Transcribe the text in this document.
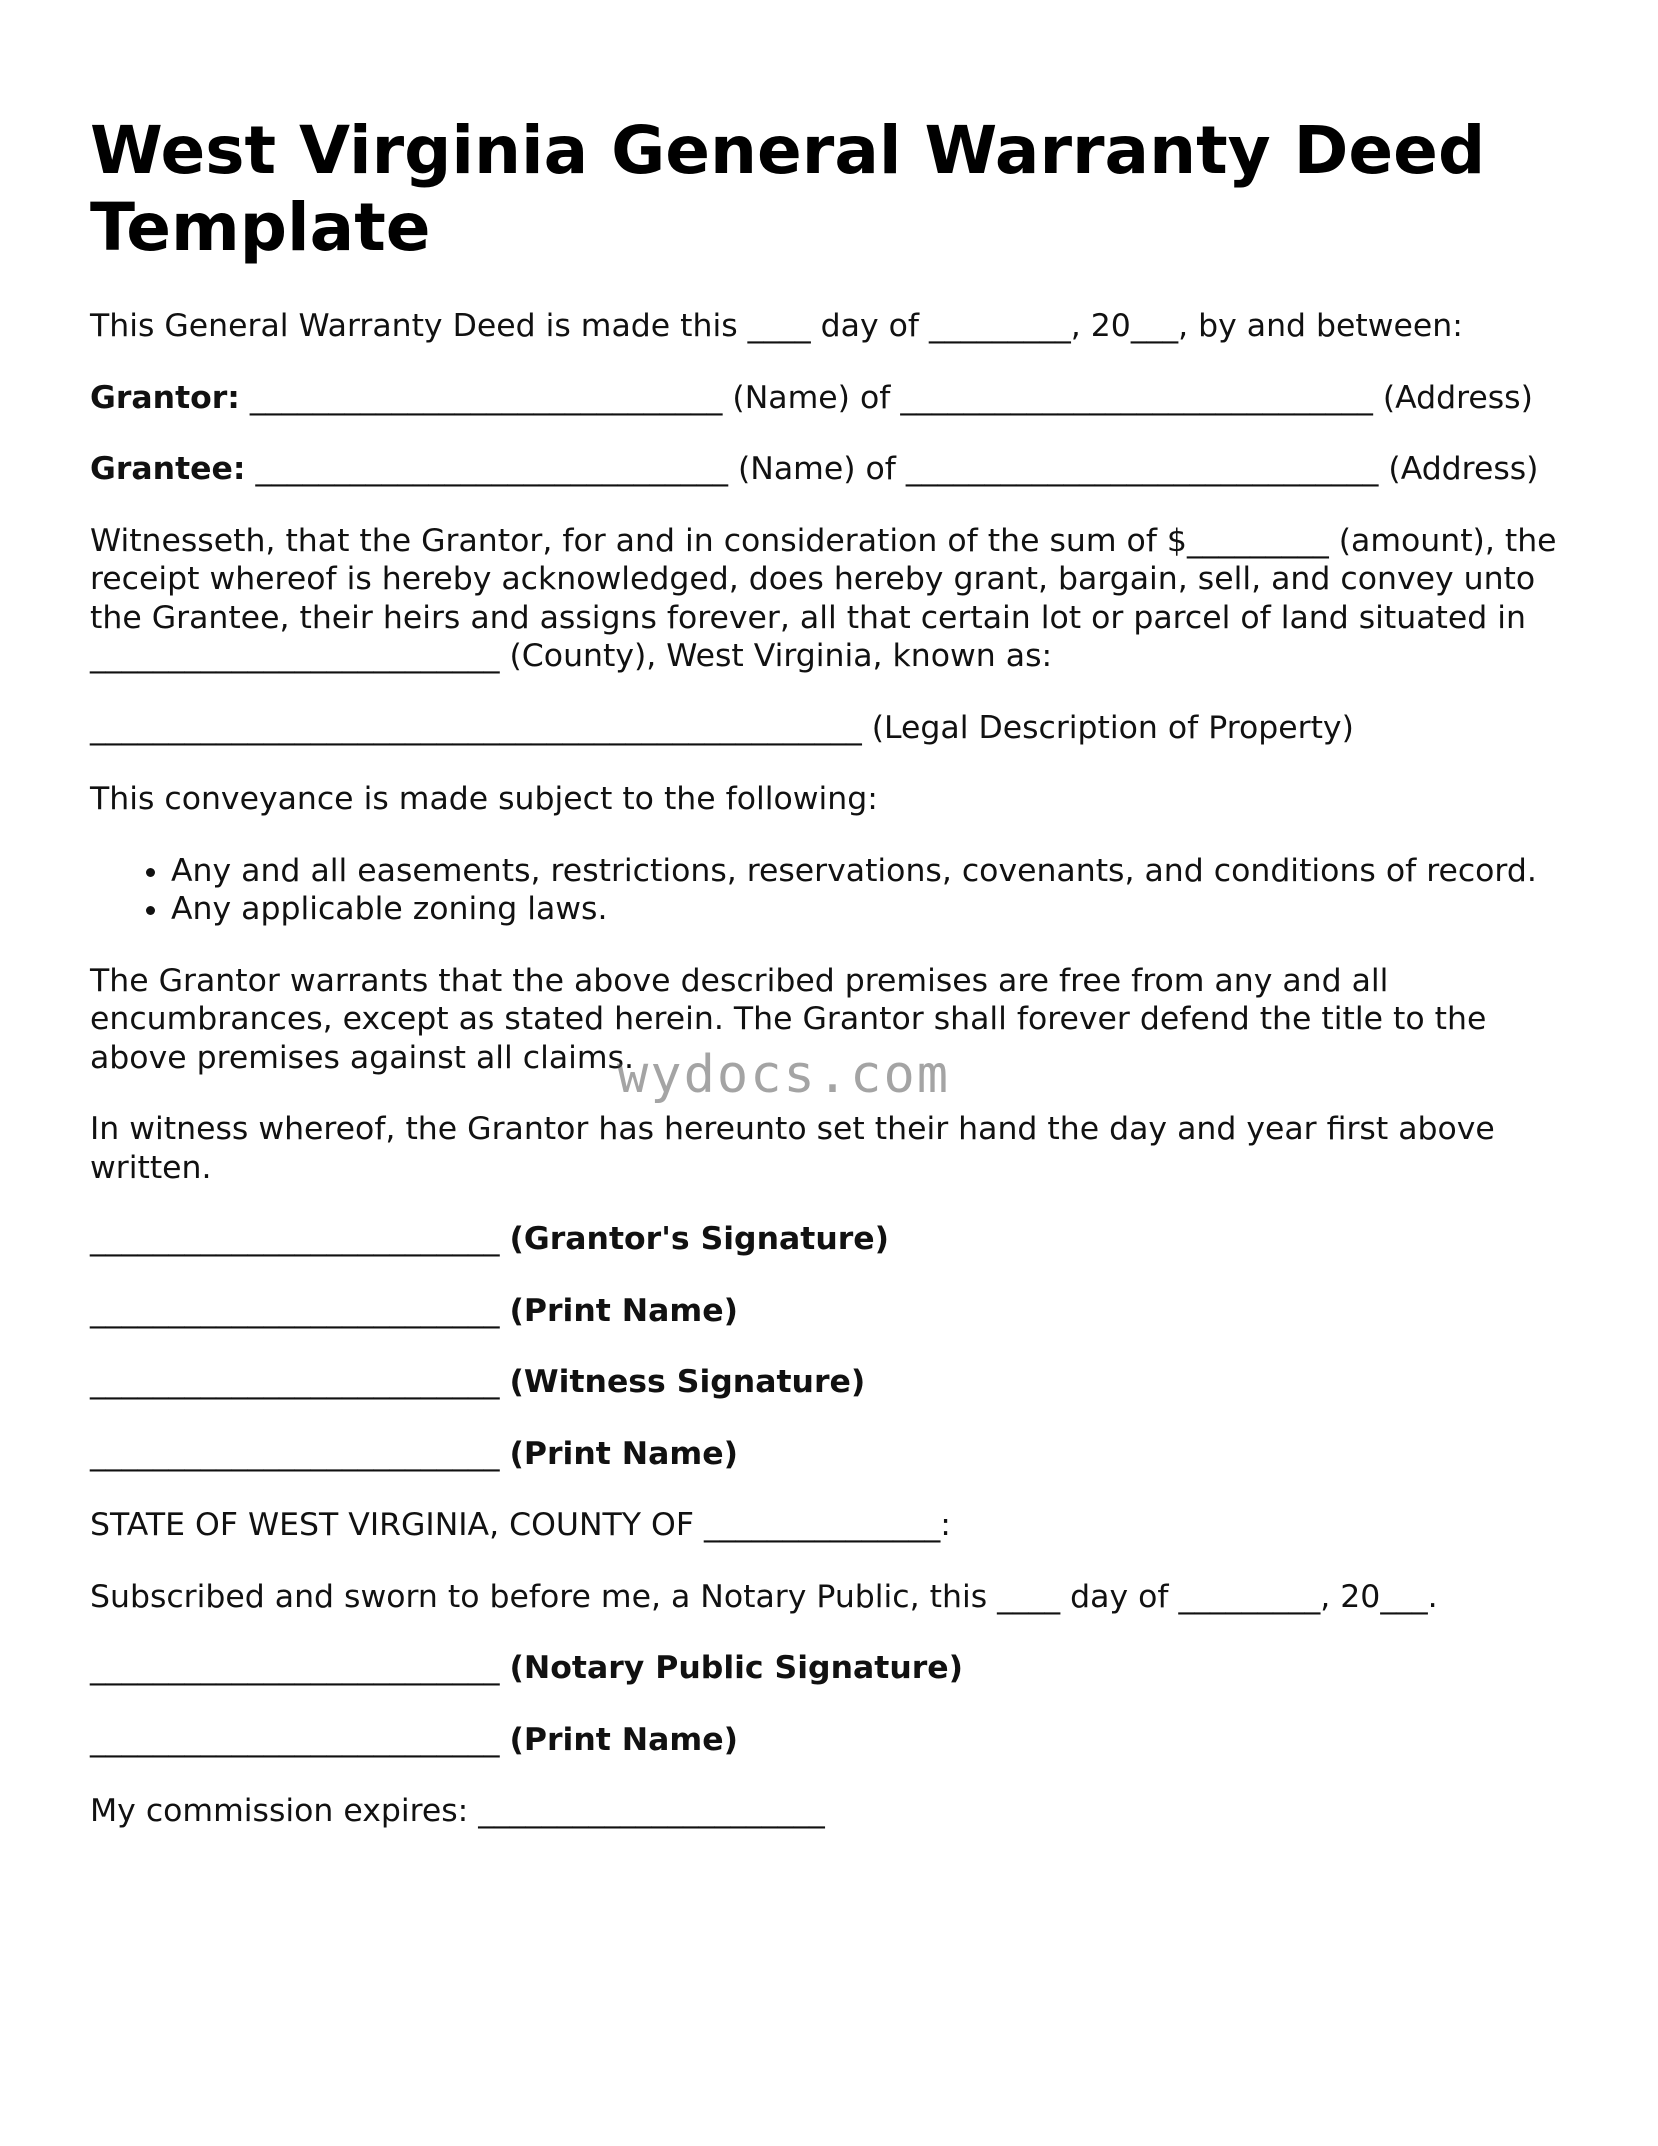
West Virginia General Warranty Deed Template

This General Warranty Deed is made this ____ day of _________, 20___, by and between:

Grantor: ______________________________ (Name) of ______________________________ (Address)

Grantee: ______________________________ (Name) of ______________________________ (Address)

Witnesseth, that the Grantor, for and in consideration of the sum of $_________ (amount), the receipt whereof is hereby acknowledged, does hereby grant, bargain, sell, and convey unto the Grantee, their heirs and assigns forever, all that certain lot or parcel of land situated in __________________________ (County), West Virginia, known as:

_________________________________________________ (Legal Description of Property)

This conveyance is made subject to the following:

• Any and all easements, restrictions, reservations, covenants, and conditions of record.
• Any applicable zoning laws.

The Grantor warrants that the above described premises are free from any and all encumbrances, except as stated herein. The Grantor shall forever defend the title to the above premises against all claims.

In witness whereof, the Grantor has hereunto set their hand the day and year first above written.

__________________________ (Grantor's Signature)
__________________________ (Print Name)
__________________________ (Witness Signature)
__________________________ (Print Name)

STATE OF WEST VIRGINIA, COUNTY OF _______________:

Subscribed and sworn to before me, a Notary Public, this ____ day of _________, 20___.

__________________________ (Notary Public Signature)
__________________________ (Print Name)

My commission expires: ______________________

wydocs.com
